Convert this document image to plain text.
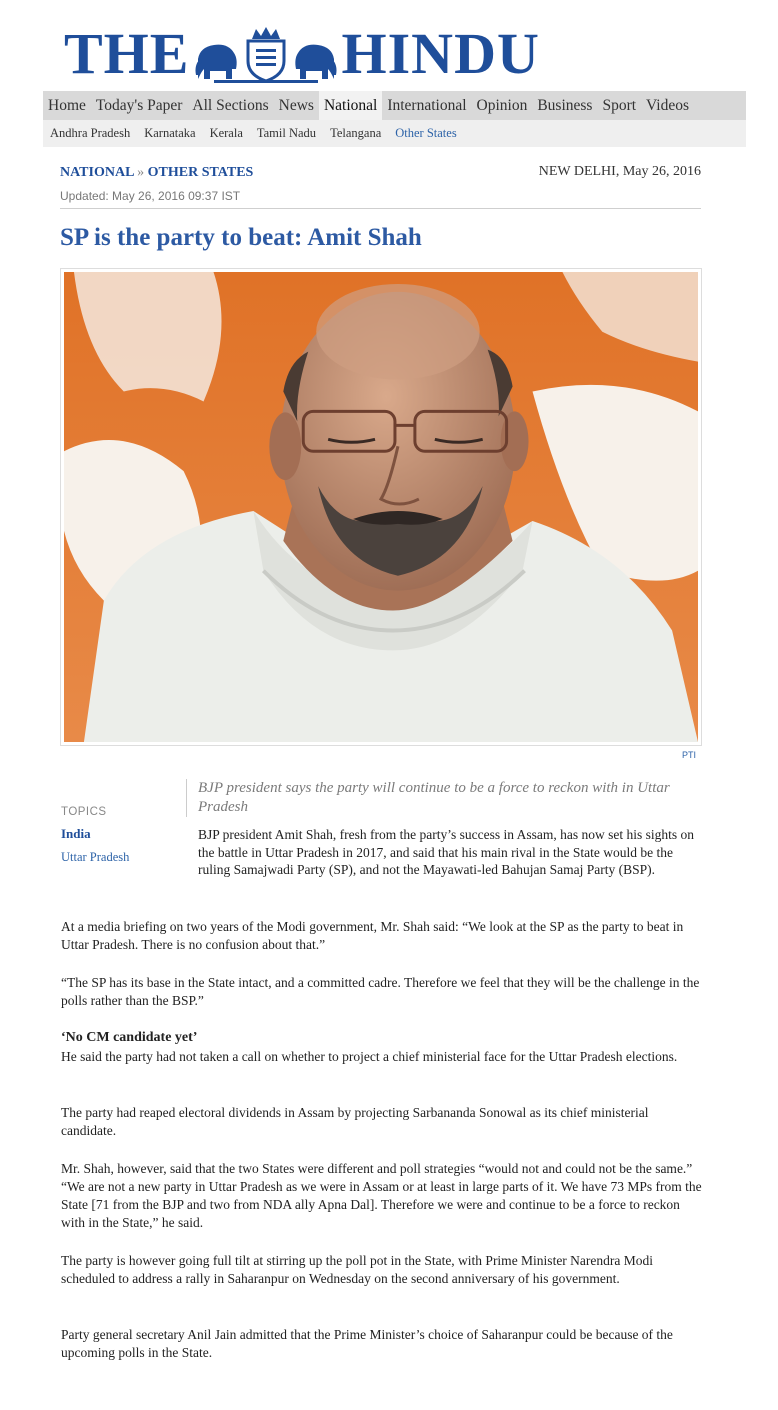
THE	HINDU
Home Today's Paper All Sections News National International Opinion Business Sport Videos
Andhra Pradesh	Karnataka	Kerala	Tamil Nadu	Telangana	Other States
NATIONAL » OTHER STATES	NEW DELHI, May 26, 2016
Updated: May 26, 2016 09:37 IST
SP is the party to beat: Amit Shah
PTI
TOPICS
India
Uttar Pradesh
BJP president says the party will continue to be a force to reckon with in Uttar Pradesh

BJP president Amit Shah, fresh from the party’s success in Assam, has now set his sights on the battle in Uttar Pradesh in 2017, and said that his main rival in the State would be the ruling Samajwadi Party (SP), and not the Mayawati-led Bahujan Samaj Party (BSP).

At a media briefing on two years of the Modi government, Mr. Shah said: “We look at the SP as the party to beat in Uttar Pradesh. There is no confusion about that.”

“The SP has its base in the State intact, and a committed cadre. Therefore we feel that they will be the challenge in the polls rather than the BSP.”

‘No CM candidate yet’

He said the party had not taken a call on whether to project a chief ministerial face for the Uttar Pradesh elections.

The party had reaped electoral dividends in Assam by projecting Sarbananda Sonowal as its chief ministerial candidate.

Mr. Shah, however, said that the two States were different and poll strategies “would not and could not be the same.” “We are not a new party in Uttar Pradesh as we were in Assam or at least in large parts of it. We have 73 MPs from the State [71 from the BJP and two from NDA ally Apna Dal]. Therefore we were and continue to be a force to reckon with in the State,” he said.

The party is however going full tilt at stirring up the poll pot in the State, with Prime Minister Narendra Modi scheduled to address a rally in Saharanpur on Wednesday on the second anniversary of his government.

Party general secretary Anil Jain admitted that the Prime Minister’s choice of Saharanpur could be because of the upcoming polls in the State.
